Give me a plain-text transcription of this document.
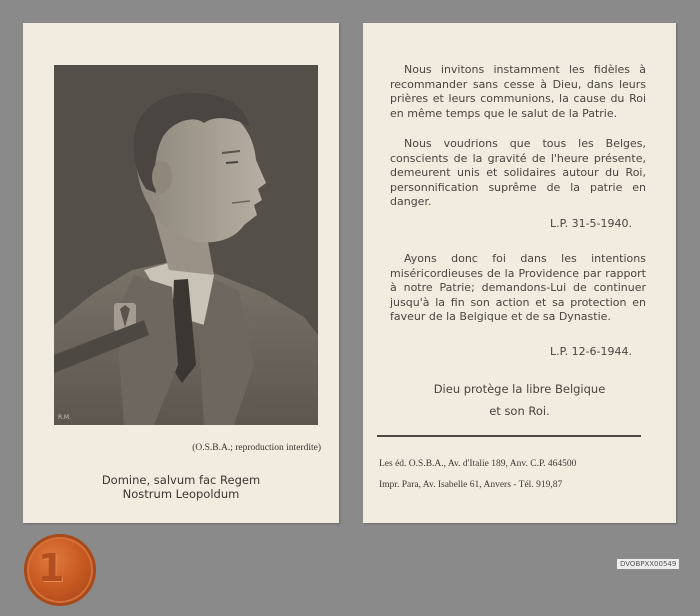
R.M.
(O.S.B.A.; reproduction interdite)
Domine, salvum fac Regem
Nostrum Leopoldum
Nous invitons instamment les fidèles à recommander sans cesse à Dieu, dans leurs prières et leurs communions, la cause du Roi en même temps que le salut de la Patrie.
Nous voudrions que tous les Belges, conscients de la gravité de l'heure présente, demeurent unis et solidaires autour du Roi, personnification suprême de la patrie en danger.
L.P. 31-5-1940.
Ayons donc foi dans les intentions miséricordieuses de la Providence par rapport à notre Patrie; demandons-Lui de continuer jusqu'à la fin son action et sa protection en faveur de la Belgique et de sa Dynastie.
L.P. 12-6-1944.
Dieu protège la libre Belgique
et son Roi.
Les éd. O.S.B.A., Av. d'Italie 189, Anv. C.P. 464500
Impr. Para, Av. Isabelle 61, Anvers - Tél. 919,87
1	DVOBPXX00549
